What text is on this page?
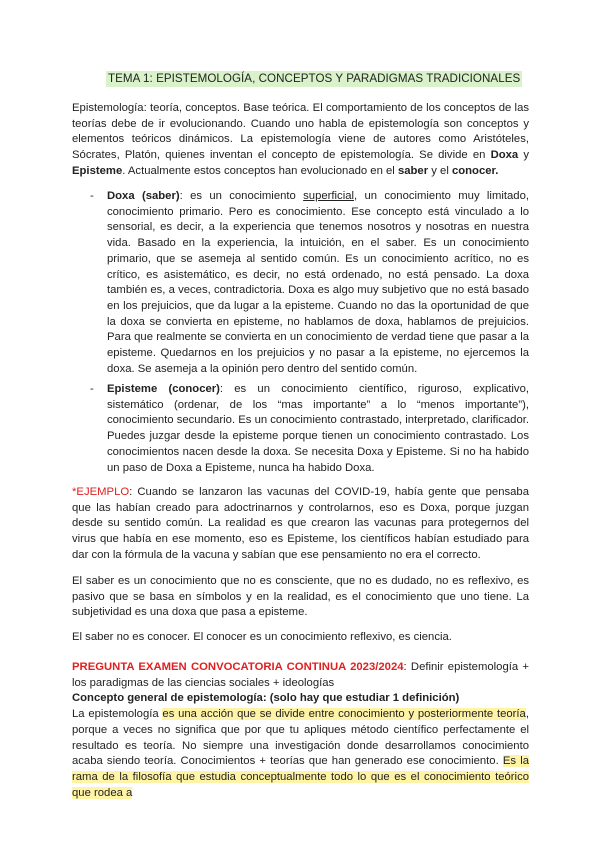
TEMA 1: EPISTEMOLOGÍA, CONCEPTOS Y PARADIGMAS TRADICIONALES
Epistemología: teoría, conceptos. Base teórica. El comportamiento de los conceptos de las teorías debe de ir evolucionando. Cuando uno habla de epistemología son conceptos y elementos teóricos dinámicos. La epistemología viene de autores como Aristóteles, Sócrates, Platón, quienes inventan el concepto de epistemología. Se divide en Doxa y Episteme. Actualmente estos conceptos han evolucionado en el saber y el conocer.
- Doxa (saber): es un conocimiento superficial, un conocimiento muy limitado, conocimiento primario. Pero es conocimiento. Ese concepto está vinculado a lo sensorial, es decir, a la experiencia que tenemos nosotros y nosotras en nuestra vida. Basado en la experiencia, la intuición, en el saber. Es un conocimiento primario, que se asemeja al sentido común. Es un conocimiento acrítico, no es crítico, es asistemático, es decir, no está ordenado, no está pensado. La doxa también es, a veces, contradictoria. Doxa es algo muy subjetivo que no está basado en los prejuicios, que da lugar a la episteme. Cuando no das la oportunidad de que la doxa se convierta en episteme, no hablamos de doxa, hablamos de prejuicios. Para que realmente se convierta en un conocimiento de verdad tiene que pasar a la episteme. Quedarnos en los prejuicios y no pasar a la episteme, no ejercemos la doxa. Se asemeja a la opinión pero dentro del sentido común.
- Episteme (conocer): es un conocimiento científico, riguroso, explicativo, sistemático (ordenar, de los “mas importante” a lo “menos importante”), conocimiento secundario. Es un conocimiento contrastado, interpretado, clarificador. Puedes juzgar desde la episteme porque tienen un conocimiento contrastado. Los conocimientos nacen desde la doxa. Se necesita Doxa y Episteme. Si no ha habido un paso de Doxa a Episteme, nunca ha habido Doxa.
*EJEMPLO: Cuando se lanzaron las vacunas del COVID-19, había gente que pensaba que las habían creado para adoctrinarnos y controlarnos, eso es Doxa, porque juzgan desde su sentido común. La realidad es que crearon las vacunas para protegernos del virus que había en ese momento, eso es Episteme, los científicos habían estudiado para dar con la fórmula de la vacuna y sabían que ese pensamiento no era el correcto.
El saber es un conocimiento que no es consciente, que no es dudado, no es reflexivo, es pasivo que se basa en símbolos y en la realidad, es el conocimiento que uno tiene. La subjetividad es una doxa que pasa a episteme.
El saber no es conocer. El conocer es un conocimiento reflexivo, es ciencia.
PREGUNTA EXAMEN CONVOCATORIA CONTINUA 2023/2024: Definir epistemología + los paradigmas de las ciencias sociales + ideologías
Concepto general de epistemología: (solo hay que estudiar 1 definición)
La epistemología es una acción que se divide entre conocimiento y posteriormente teoría, porque a veces no significa que por que tu apliques método científico perfectamente el resultado es teoría. No siempre una investigación donde desarrollamos conocimiento acaba siendo teoría. Conocimientos + teorías que han generado ese conocimiento. Es la rama de la filosofía que estudia conceptualmente todo lo que es el conocimiento teórico que rodea a
